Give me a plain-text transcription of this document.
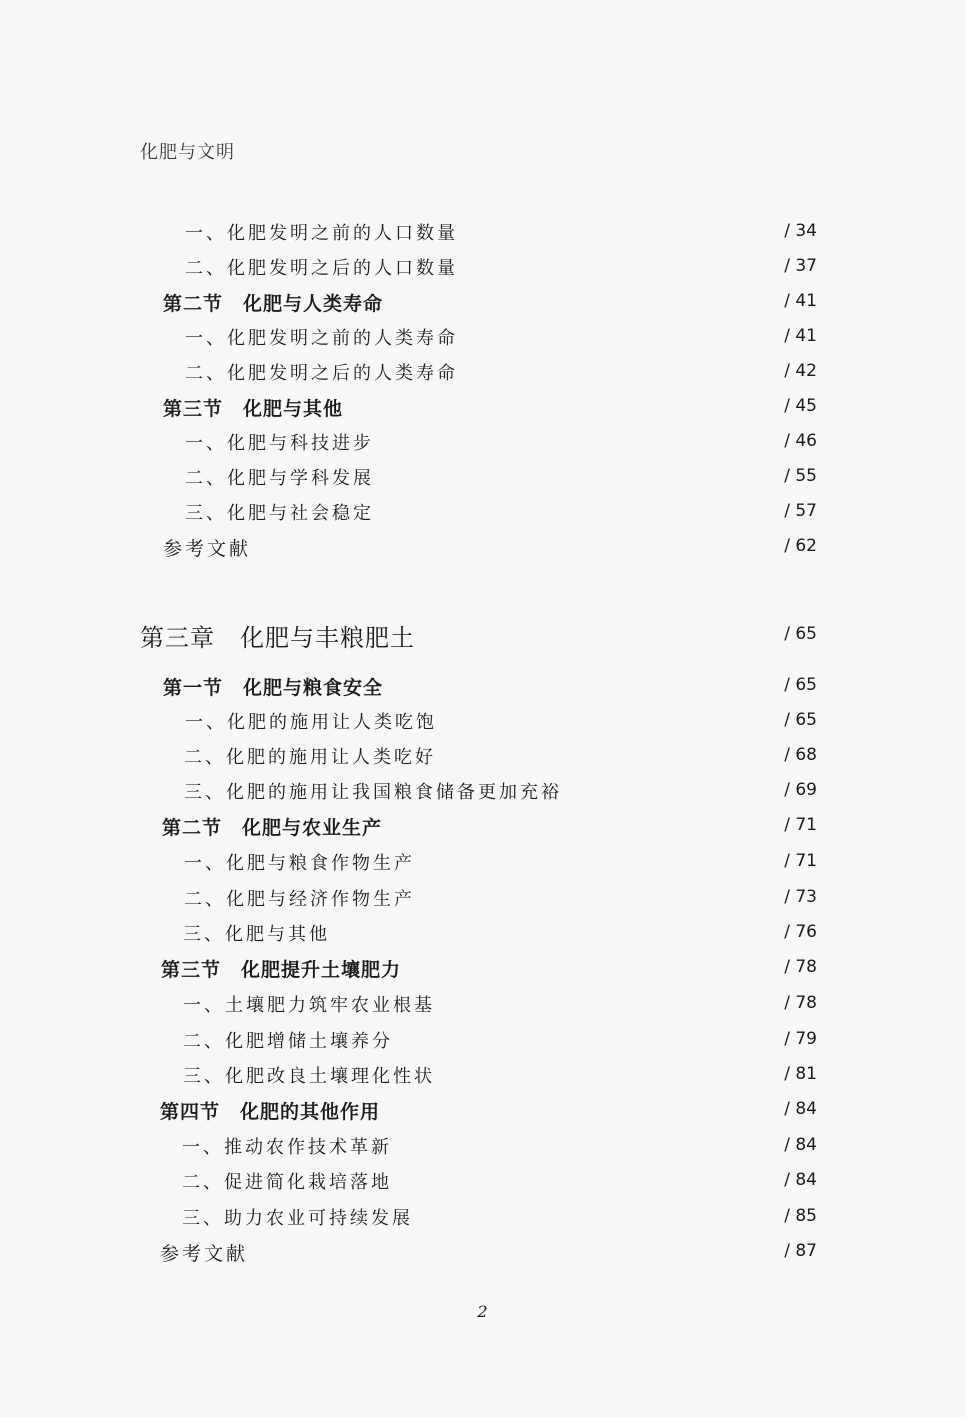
化肥与文明
一、化肥发明之前的人口数量	/ 34
二、化肥发明之后的人口数量	/ 37
第二节　化肥与人类寿命	/ 41
一、化肥发明之前的人类寿命	/ 41
二、化肥发明之后的人类寿命	/ 42
第三节　化肥与其他	/ 45
一、化肥与科技进步	/ 46
二、化肥与学科发展	/ 55
三、化肥与社会稳定	/ 57
参考文献	/ 62
第三章　化肥与丰粮肥土	/ 65
第一节　化肥与粮食安全	/ 65
一、化肥的施用让人类吃饱	/ 65
二、化肥的施用让人类吃好	/ 68
三、化肥的施用让我国粮食储备更加充裕	/ 69
第二节　化肥与农业生产	/ 71
一、化肥与粮食作物生产	/ 71
二、化肥与经济作物生产	/ 73
三、化肥与其他	/ 76
第三节　化肥提升土壤肥力	/ 78
一、土壤肥力筑牢农业根基	/ 78
二、化肥增储土壤养分	/ 79
三、化肥改良土壤理化性状	/ 81
第四节　化肥的其他作用	/ 84
一、推动农作技术革新	/ 84
二、促进简化栽培落地	/ 84
三、助力农业可持续发展	/ 85
参考文献	/ 87
2
